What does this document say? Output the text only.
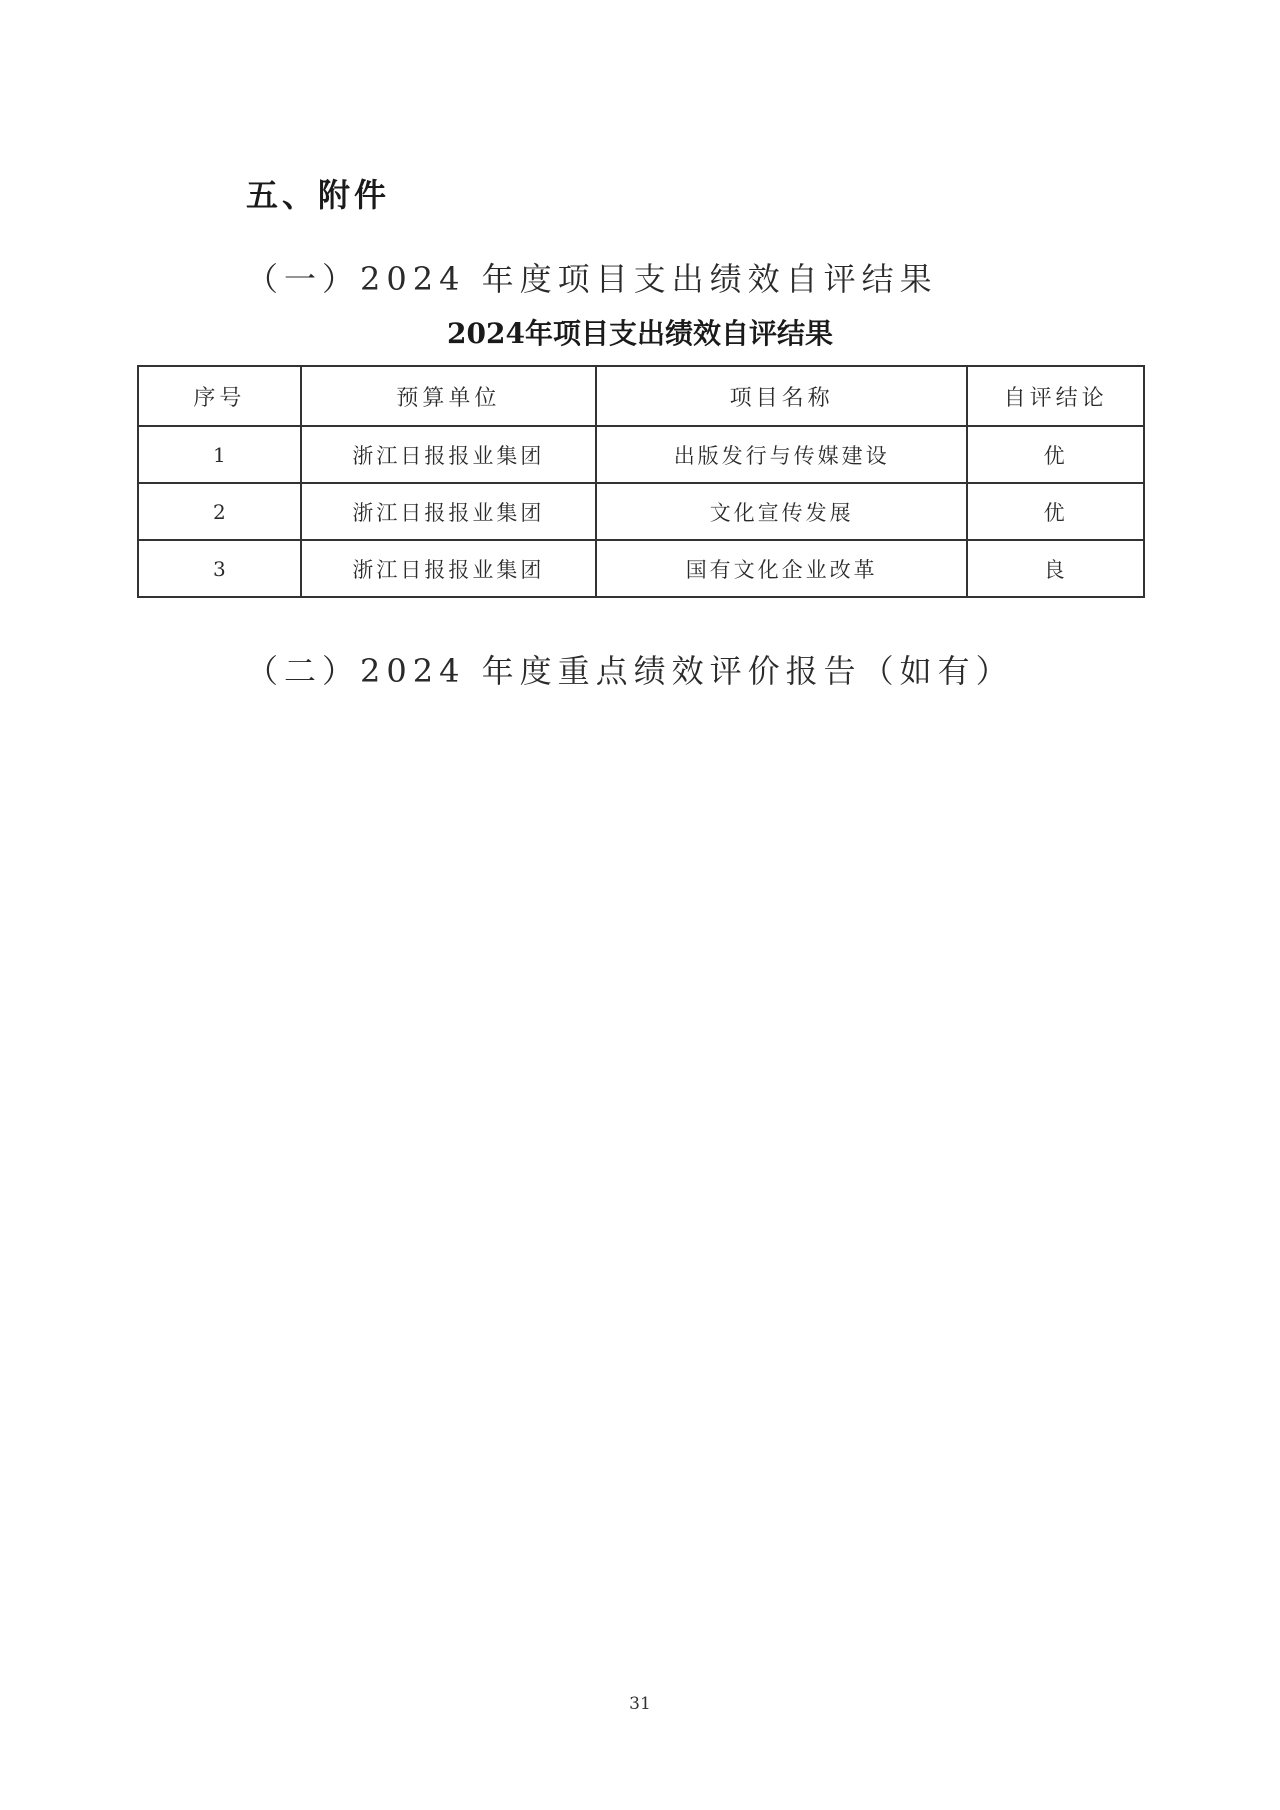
五、附件
（一）2024 年度项目支出绩效自评结果
2024年项目支出绩效自评结果
序号	预算单位	项目名称	自评结论
1	浙江日报报业集团	出版发行与传媒建设	优
2	浙江日报报业集团	文化宣传发展	优
3	浙江日报报业集团	国有文化企业改革	良
（二）2024 年度重点绩效评价报告（如有）
31
